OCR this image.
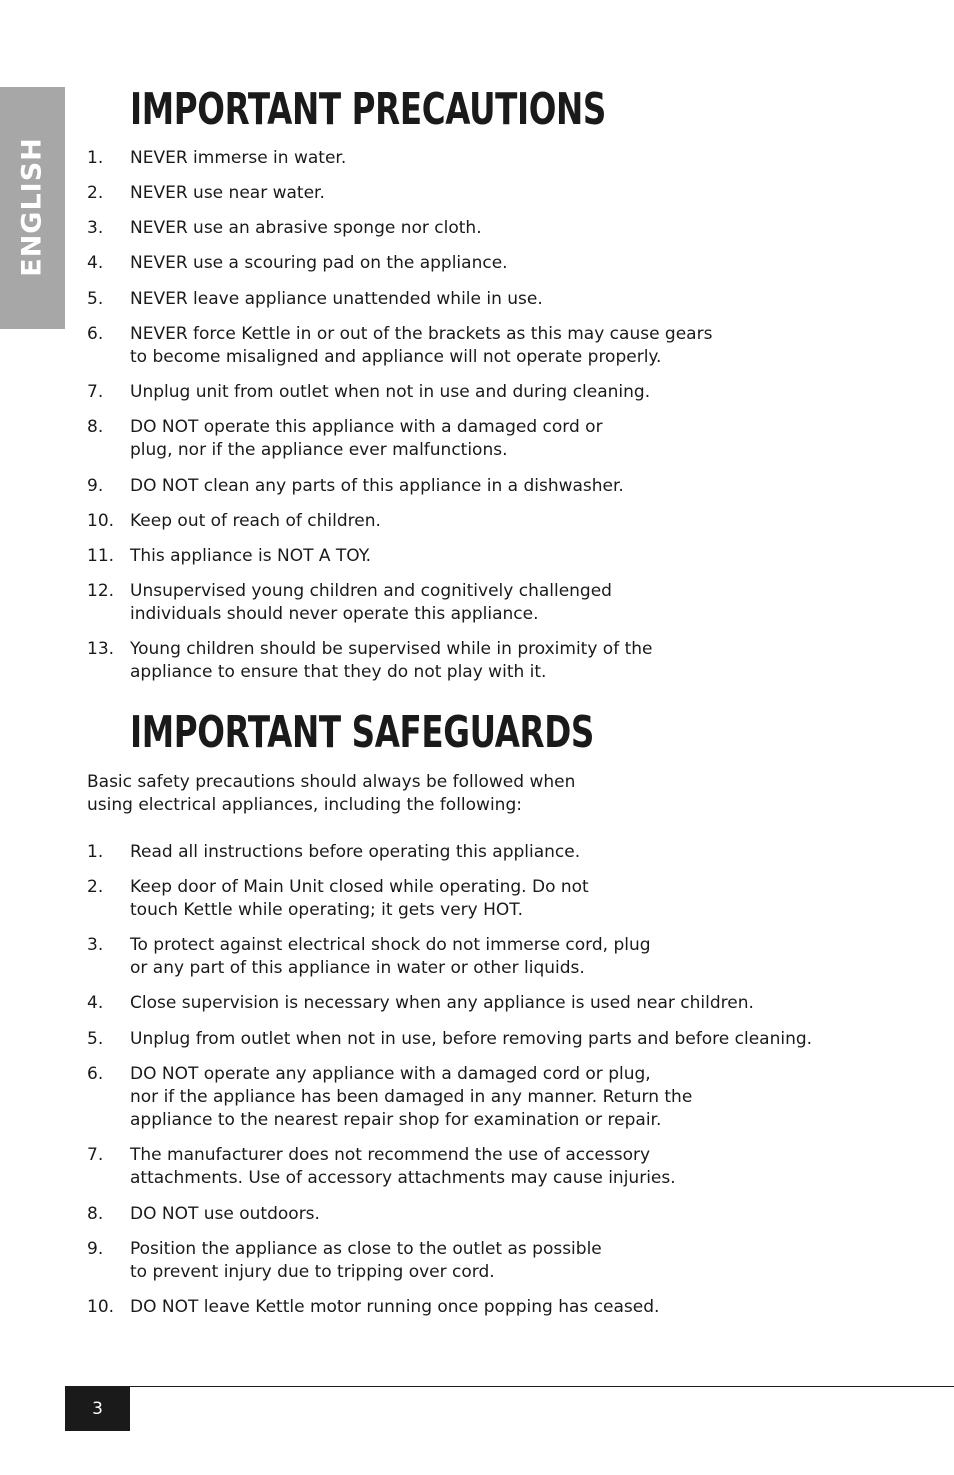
ENGLISH
IMPORTANT PRECAUTIONS
1.	NEVER immerse in water.
2.	NEVER use near water.
3.	NEVER use an abrasive sponge nor cloth.
4.	NEVER use a scouring pad on the appliance.
5.	NEVER leave appliance unattended while in use.
6.	NEVER force Kettle in or out of the brackets as this may cause gears
to become misaligned and appliance will not operate properly.
7.	Unplug unit from outlet when not in use and during cleaning.
8.	DO NOT operate this appliance with a damaged cord or
plug, nor if the appliance ever malfunctions.
9.	DO NOT clean any parts of this appliance in a dishwasher.
10. Keep out of reach of children.
11. This appliance is NOT A TOY.
12. Unsupervised young children and cognitively challenged
individuals should never operate this appliance.
13. Young children should be supervised while in proximity of the
appliance to ensure that they do not play with it.
IMPORTANT SAFEGUARDS

Basic safety precautions should always be followed when
using electrical appliances, including the following:

1.	Read all instructions before operating this appliance.
2.	Keep door of Main Unit closed while operating. Do not
touch Kettle while operating; it gets very HOT.
3.	To protect against electrical shock do not immerse cord, plug
or any part of this appliance in water or other liquids.
4.	Close supervision is necessary when any appliance is used near children.
5.	Unplug from outlet when not in use, before removing parts and before cleaning.
6.	DO NOT operate any appliance with a damaged cord or plug,
nor if the appliance has been damaged in any manner. Return the
appliance to the nearest repair shop for examination or repair.
7.	The manufacturer does not recommend the use of accessory
attachments. Use of accessory attachments may cause injuries.
8.	DO NOT use outdoors.
9.	Position the appliance as close to the outlet as possible
to prevent injury due to tripping over cord.
10. DO NOT leave Kettle motor running once popping has ceased.
3
